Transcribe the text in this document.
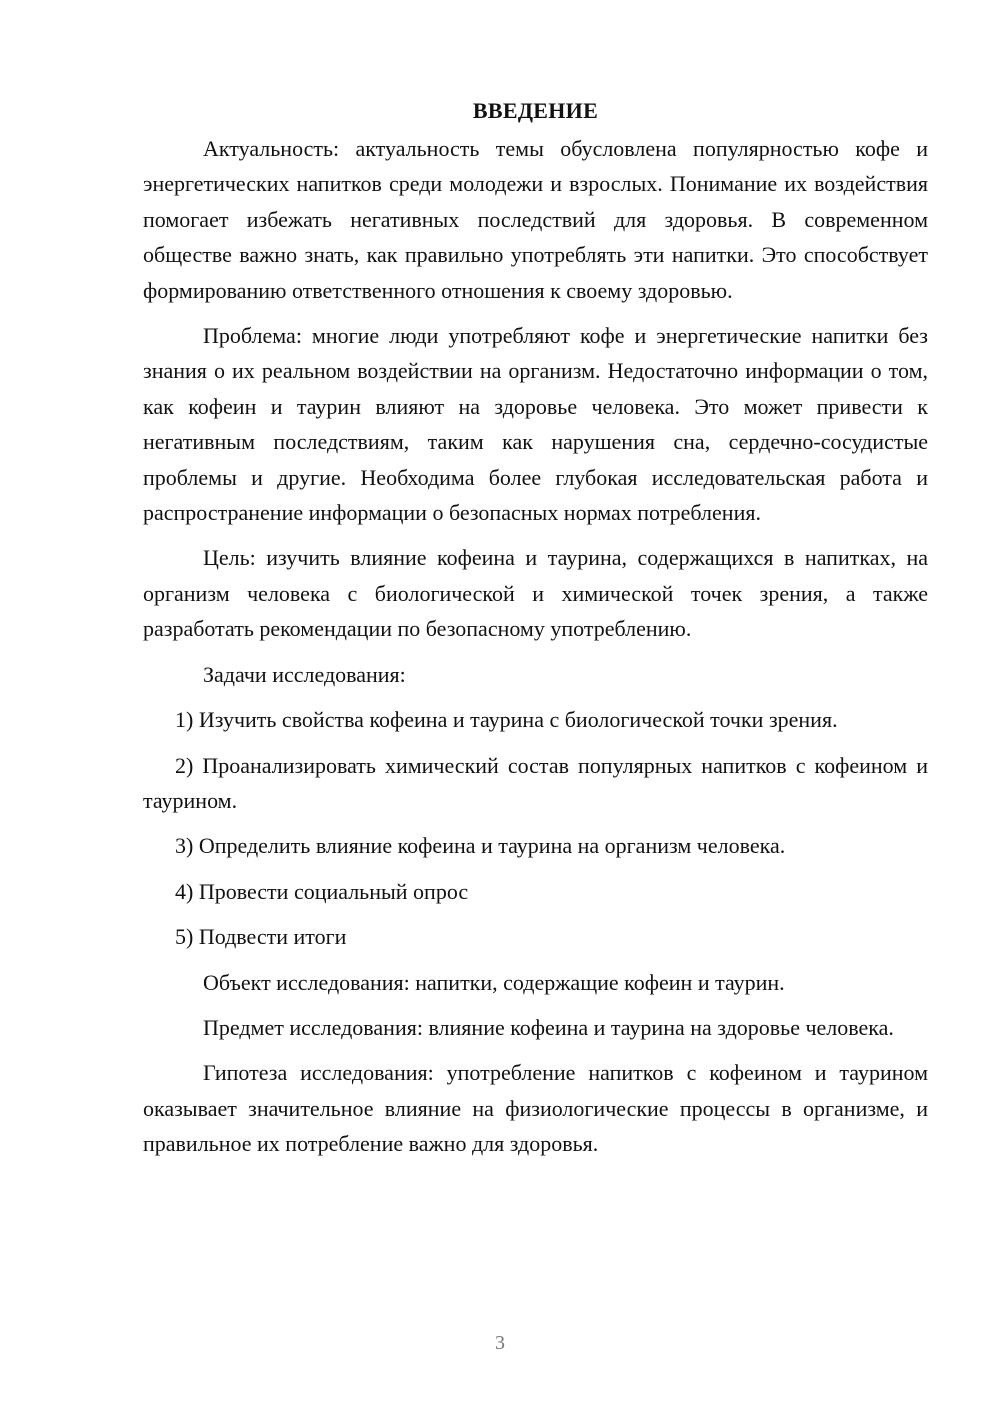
ВВЕДЕНИЕ

Актуальность: актуальность темы обусловлена популярностью кофе и энергетических напитков среди молодежи и взрослых. Понимание их воздействия помогает избежать негативных последствий для здоровья. В современном обществе важно знать, как правильно употреблять эти напитки. Это способствует формированию ответственного отношения к своему здоровью.

Проблема: многие люди употребляют кофе и энергетические напитки без знания о их реальном воздействии на организм. Недостаточно информации о том, как кофеин и таурин влияют на здоровье человека. Это может привести к негативным последствиям, таким как нарушения сна, сердечно-сосудистые проблемы и другие. Необходима более глубокая исследовательская работа и распространение информации о безопасных нормах потребления.

Цель: изучить влияние кофеина и таурина, содержащихся в напитках, на организм человека с биологической и химической точек зрения, а также разработать рекомендации по безопасному употреблению.

Задачи исследования:

1) Изучить свойства кофеина и таурина с биологической точки зрения.

2) Проанализировать химический состав популярных напитков с кофеином и таурином.

3) Определить влияние кофеина и таурина на организм человека.

4) Провести социальный опрос

5) Подвести итоги

Объект исследования: напитки, содержащие кофеин и таурин.

Предмет исследования: влияние кофеина и таурина на здоровье человека.

Гипотеза исследования: употребление напитков с кофеином и таурином оказывает значительное влияние на физиологические процессы в организме, и правильное их потребление важно для здоровья.

3
